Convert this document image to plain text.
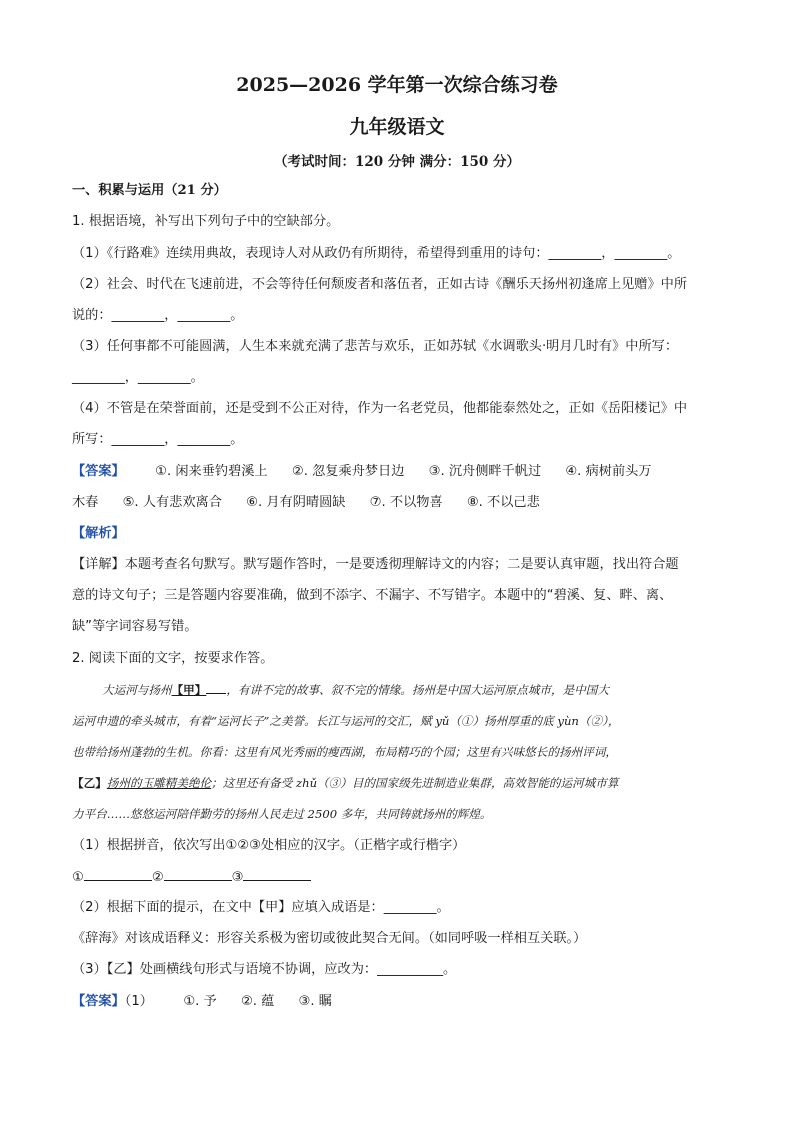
2025—2026 学年第一次综合练习卷
九年级语文
（考试时间：120 分钟 满分：150 分）
一、积累与运用（21 分）
1. 根据语境，补写出下列句子中的空缺部分。
（1）《行路难》连续用典故，表现诗人对从政仍有所期待，希望得到重用的诗句：________，________。
（2）社会、时代在飞速前进，不会等待任何颓废者和落伍者，正如古诗《酬乐天扬州初逢席上见赠》中所
说的：________，________。
（3）任何事都不可能圆满，人生本来就充满了悲苦与欢乐，正如苏轼《水调歌头·明月几时有》中所写：
________，________。
（4）不管是在荣誉面前，还是受到不公正对待，作为一名老党员，他都能泰然处之，正如《岳阳楼记》中
所写：________，________。
【答案】 ①. 闲来垂钓碧溪上 ②. 忽复乘舟梦日边 ③. 沉舟侧畔千帆过 ④. 病树前头万
木春 ⑤. 人有悲欢离合 ⑥. 月有阴晴圆缺 ⑦. 不以物喜 ⑧. 不以己悲
【解析】
【详解】本题考查名句默写。默写题作答时，一是要透彻理解诗文的内容；二是要认真审题，找出符合题
意的诗文句子；三是答题内容要准确，做到不添字、不漏字、不写错字。本题中的“碧溪、复、畔、离、
缺”等字词容易写错。
2. 阅读下面的文字，按要求作答。
大运河与扬州【甲】 ，有讲不完的故事、叙不完的情缘。扬州是中国大运河原点城市，是中国大
运河申遗的牵头城市，有着“运河长子”之美誉。长江与运河的交汇，赋 yǔ（①）扬州厚重的底 yùn（②），
也带给扬州蓬勃的生机。你看：这里有风光秀丽的瘦西湖，布局精巧的个园；这里有兴味悠长的扬州评词，
【乙】扬州的玉雕精美绝伦；这里还有备受 zhǔ（③）目的国家级先进制造业集群，高效智能的运河城市算
力平台……悠悠运河陪伴勤劳的扬州人民走过 2500 多年，共同铸就扬州的辉煌。
（1）根据拼音，依次写出①②③处相应的汉字。（正楷字或行楷字）
①	②	③
（2）根据下面的提示，在文中【甲】应填入成语是：________。
《辞海》对该成语释义：形容关系极为密切或彼此契合无间。（如同呼吸一样相互关联。）
（3）【乙】处画横线句形式与语境不协调，应改为：__________。
【答案】（1） ①. 予 ②. 蕴 ③. 瞩
